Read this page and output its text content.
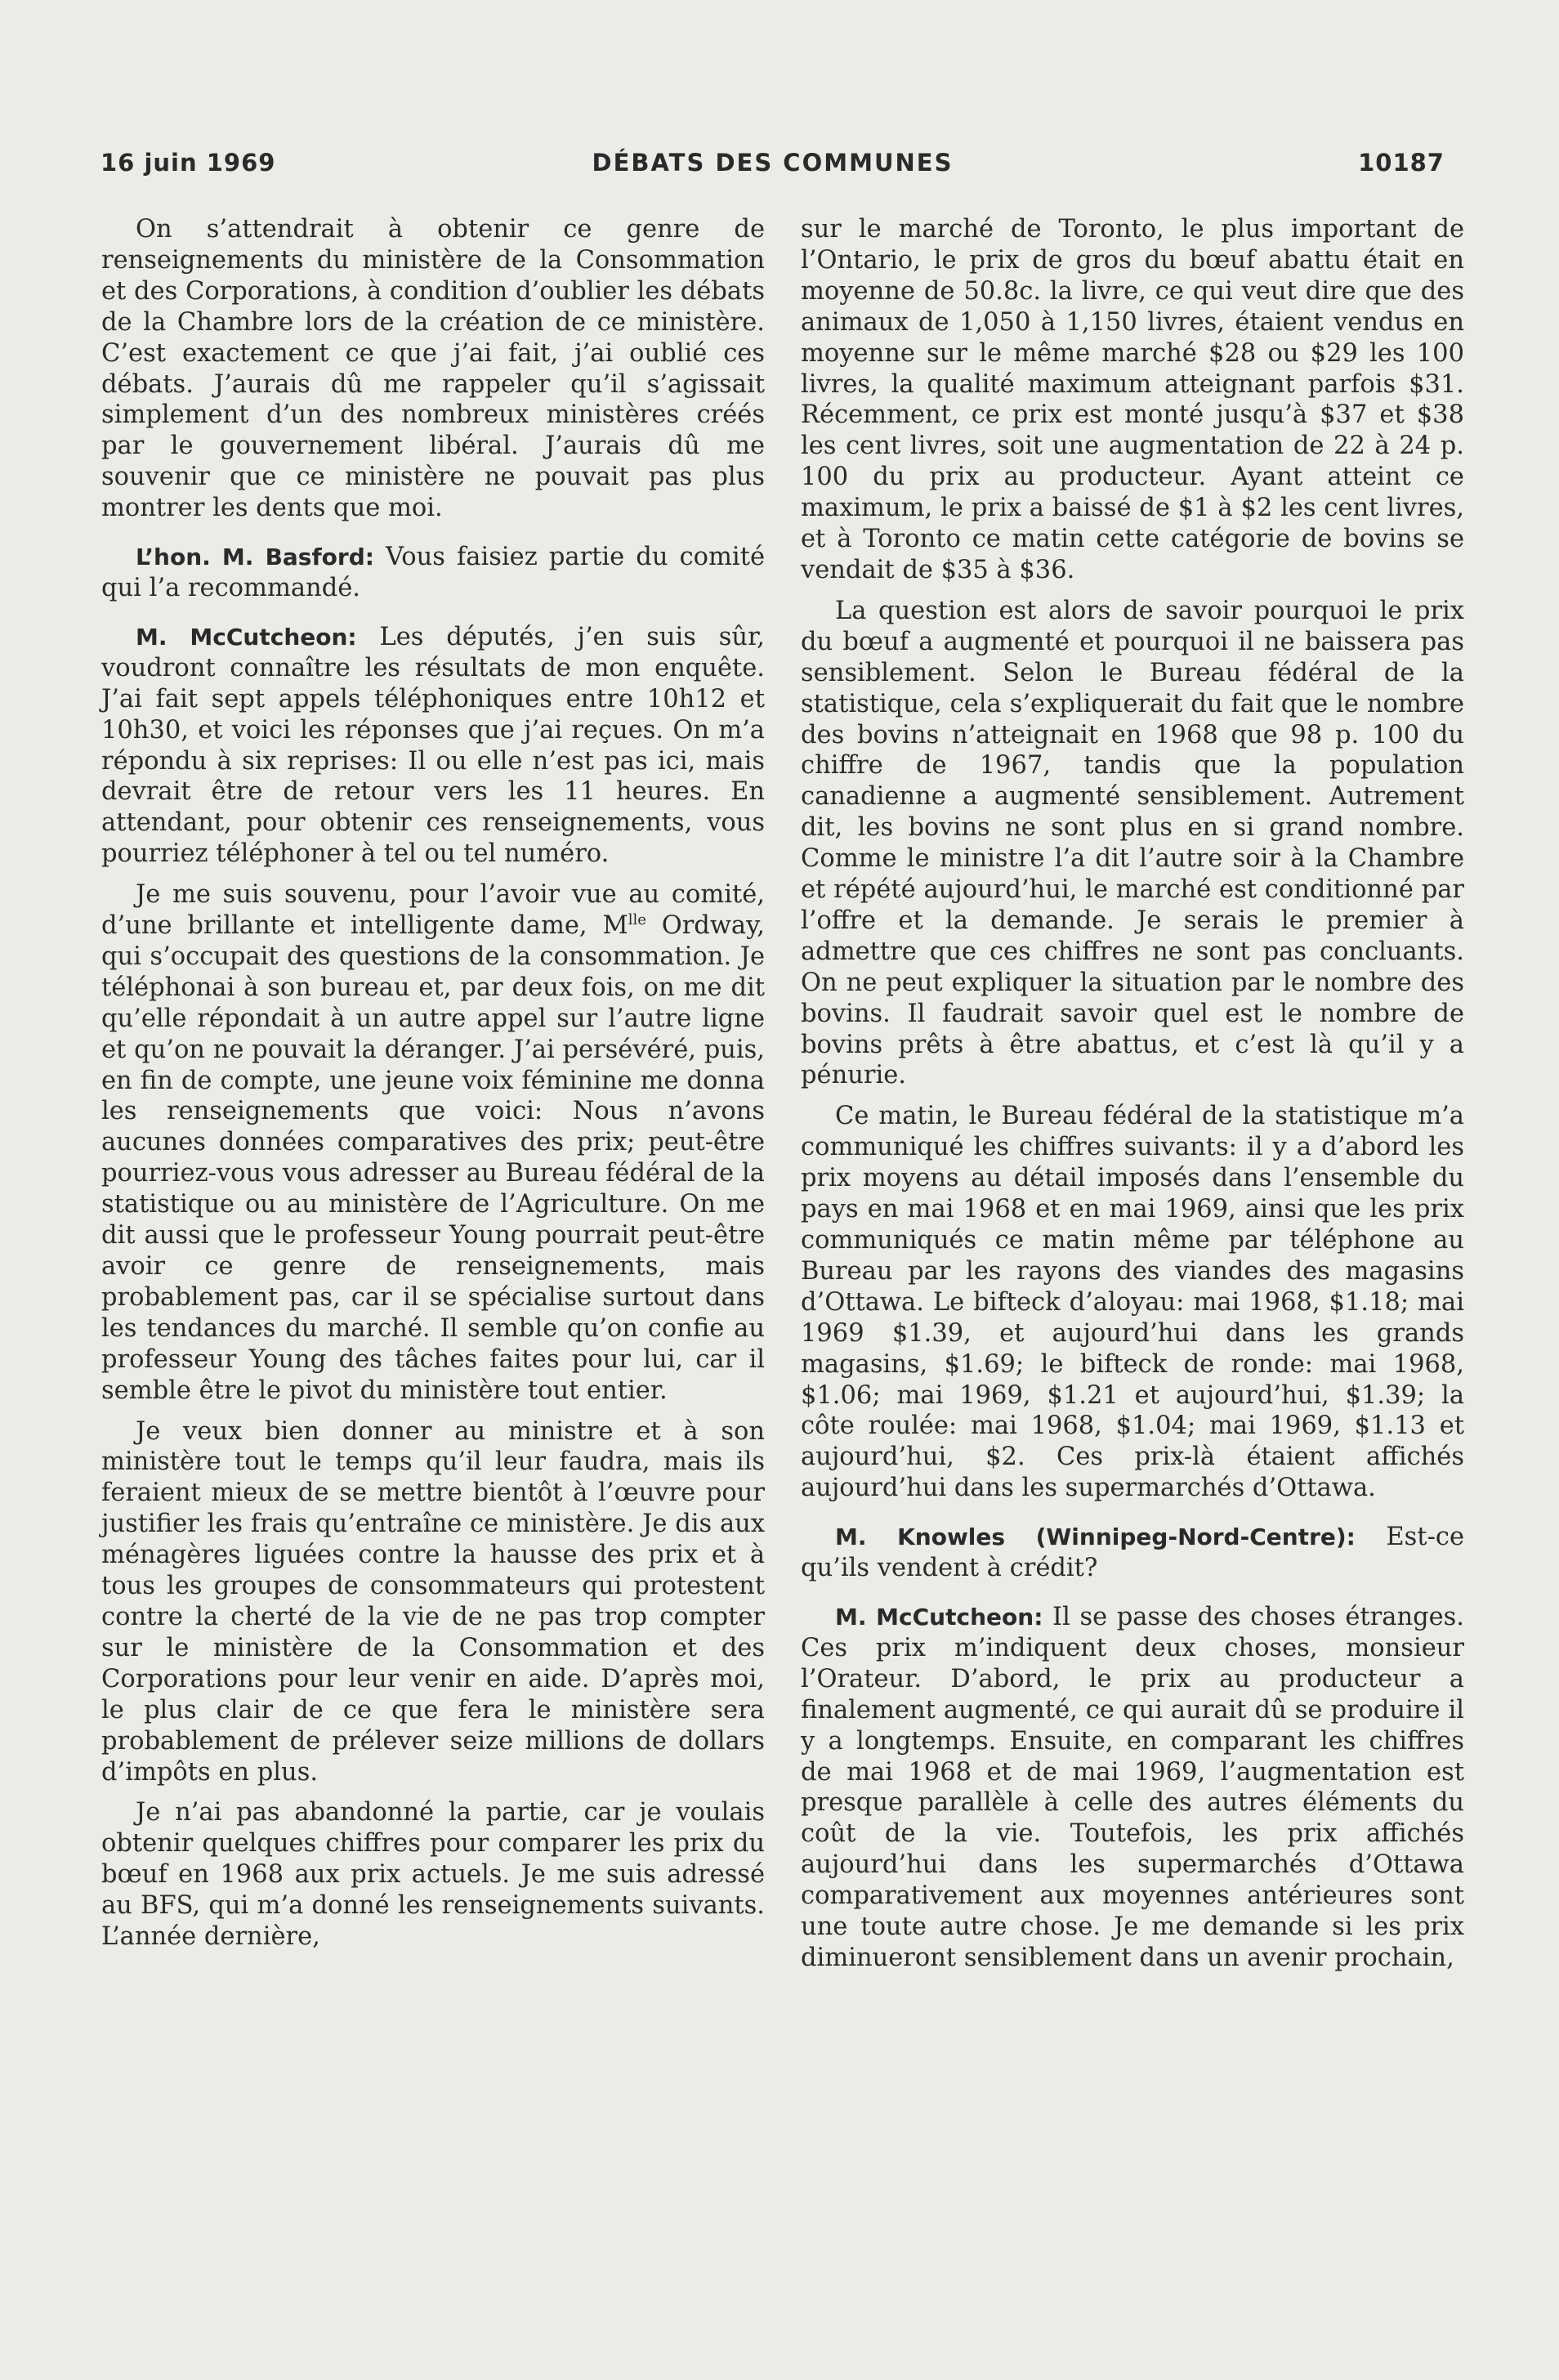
16 juin 1969	DÉBATS DES COMMUNES	10187

On s’attendrait à obtenir ce genre de renseignements du ministère de la Consommation et des Corporations, à condition d’oublier les débats de la Chambre lors de la création de ce ministère. C’est exactement ce que j’ai fait, j’ai oublié ces débats. J’aurais dû me rappeler qu’il s’agissait simplement d’un des nombreux ministères créés par le gouvernement libéral. J’aurais dû me souvenir que ce ministère ne pouvait pas plus montrer les dents que moi.

L’hon. M. Basford: Vous faisiez partie du comité qui l’a recommandé.

M. McCutcheon: Les députés, j’en suis sûr, voudront connaître les résultats de mon enquête. J’ai fait sept appels téléphoniques entre 10h12 et 10h30, et voici les réponses que j’ai reçues. On m’a répondu à six reprises: Il ou elle n’est pas ici, mais devrait être de retour vers les 11 heures. En attendant, pour obtenir ces renseignements, vous pourriez téléphoner à tel ou tel numéro.

Je me suis souvenu, pour l’avoir vue au comité, d’une brillante et intelligente dame, $M^{lle}$ Ordway, qui s’occupait des questions de la consommation. Je téléphonai à son bureau et, par deux fois, on me dit qu’elle répondait à un autre appel sur l’autre ligne et qu’on ne pouvait la déranger. J’ai persévéré, puis, en fin de compte, une jeune voix féminine me donna les renseignements que voici: Nous n’avons aucunes données comparatives des prix; peut-être pourriez-vous vous adresser au Bureau fédéral de la statistique ou au ministère de l’Agriculture. On me dit aussi que le professeur Young pourrait peut-être avoir ce genre de renseignements, mais probablement pas, car il se spécialise surtout dans les tendances du marché. Il semble qu’on confie au professeur Young des tâches faites pour lui, car il semble être le pivot du ministère tout entier.

Je veux bien donner au ministre et à son ministère tout le temps qu’il leur faudra, mais ils feraient mieux de se mettre bientôt à l’œuvre pour justifier les frais qu’entraîne ce ministère. Je dis aux ménagères liguées contre la hausse des prix et à tous les groupes de consommateurs qui protestent contre la cherté de la vie de ne pas trop compter sur le ministère de la Consommation et des Corporations pour leur venir en aide. D’après moi, le plus clair de ce que fera le ministère sera probablement de prélever seize millions de dollars d’impôts en plus.

Je n’ai pas abandonné la partie, car je voulais obtenir quelques chiffres pour comparer les prix du bœuf en 1968 aux prix actuels. Je me suis adressé au BFS, qui m’a donné les renseignements suivants. L’année dernière,

sur le marché de Toronto, le plus important de l’Ontario, le prix de gros du bœuf abattu était en moyenne de 50.8c. la livre, ce qui veut dire que des animaux de 1,050 à 1,150 livres, étaient vendus en moyenne sur le même marché $28 ou $29 les 100 livres, la qualité maximum atteignant parfois $31. Récemment, ce prix est monté jusqu’à $37 et $38 les cent livres, soit une augmentation de 22 à 24 p. 100 du prix au producteur. Ayant atteint ce maximum, le prix a baissé de $1 à $2 les cent livres, et à Toronto ce matin cette catégorie de bovins se vendait de $35 à $36.

La question est alors de savoir pourquoi le prix du bœuf a augmenté et pourquoi il ne baissera pas sensiblement. Selon le Bureau fédéral de la statistique, cela s’expliquerait du fait que le nombre des bovins n’atteignait en 1968 que 98 p. 100 du chiffre de 1967, tandis que la population canadienne a augmenté sensiblement. Autrement dit, les bovins ne sont plus en si grand nombre. Comme le ministre l’a dit l’autre soir à la Chambre et répété aujourd’hui, le marché est conditionné par l’offre et la demande. Je serais le premier à admettre que ces chiffres ne sont pas concluants. On ne peut expliquer la situation par le nombre des bovins. Il faudrait savoir quel est le nombre de bovins prêts à être abattus, et c’est là qu’il y a pénurie.

Ce matin, le Bureau fédéral de la statistique m’a communiqué les chiffres suivants: il y a d’abord les prix moyens au détail imposés dans l’ensemble du pays en mai 1968 et en mai 1969, ainsi que les prix communiqués ce matin même par téléphone au Bureau par les rayons des viandes des magasins d’Ottawa. Le bifteck d’aloyau: mai 1968, $1.18; mai 1969 $1.39, et aujourd’hui dans les grands magasins, $1.69; le bifteck de ronde: mai 1968, $1.06; mai 1969, $1.21 et aujourd’hui, $1.39; la côte roulée: mai 1968, $1.04; mai 1969, $1.13 et aujourd’hui, $2. Ces prix-là étaient affichés aujourd’hui dans les supermarchés d’Ottawa.

M. Knowles (Winnipeg-Nord-Centre): Est-ce qu’ils vendent à crédit?

M. McCutcheon: Il se passe des choses étranges. Ces prix m’indiquent deux choses, monsieur l’Orateur. D’abord, le prix au producteur a finalement augmenté, ce qui aurait dû se produire il y a longtemps. Ensuite, en comparant les chiffres de mai 1968 et de mai 1969, l’augmentation est presque parallèle à celle des autres éléments du coût de la vie. Toutefois, les prix affichés aujourd’hui dans les supermarchés d’Ottawa comparativement aux moyennes antérieures sont une toute autre chose. Je me demande si les prix diminueront sensiblement dans un avenir prochain,
